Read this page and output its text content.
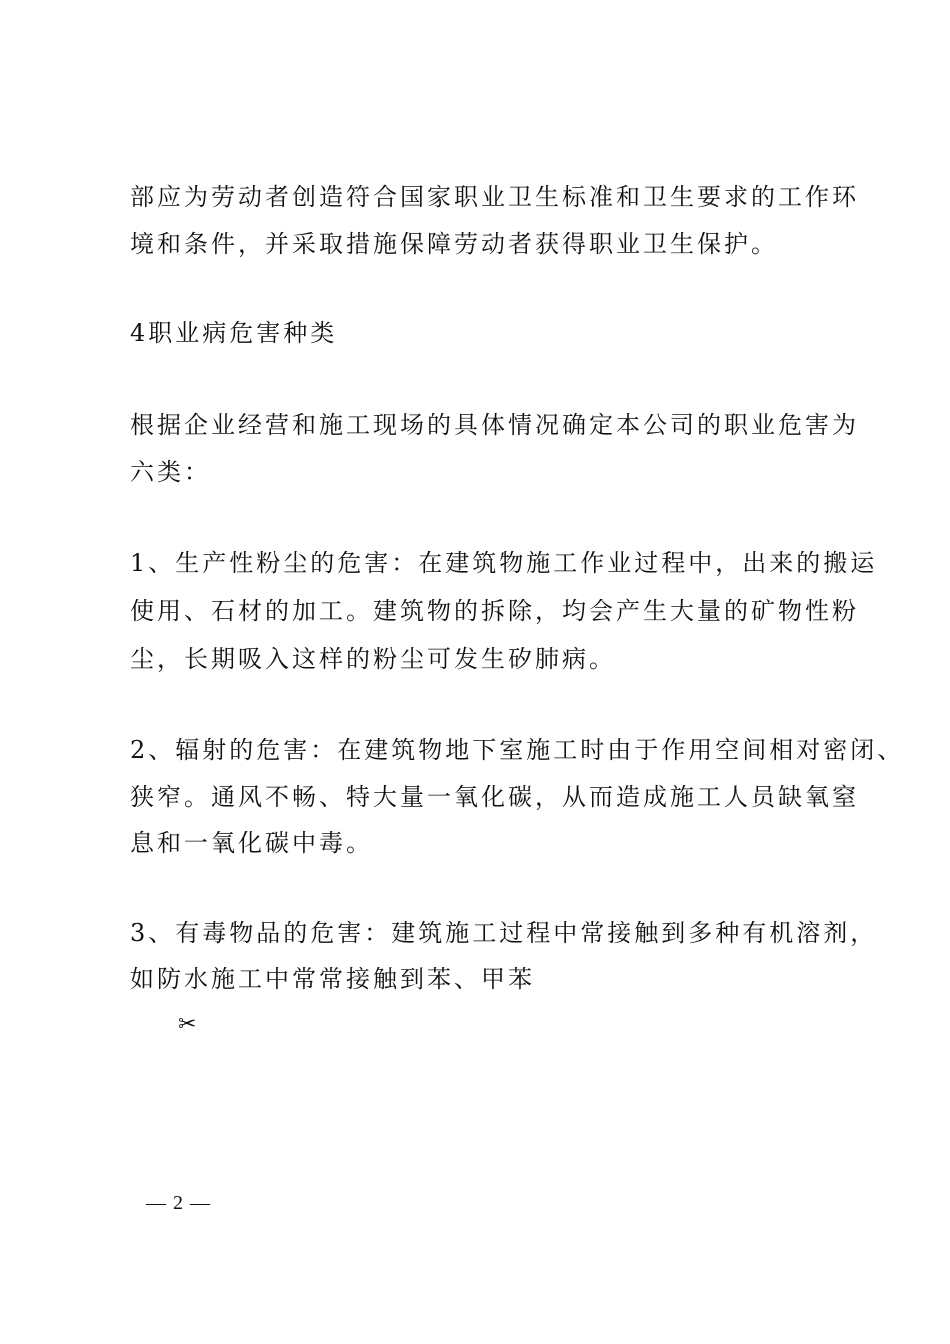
部应为劳动者创造符合国家职业卫生标准和卫生要求的工作环
境和条件，并采取措施保障劳动者获得职业卫生保护。
4职业病危害种类
根据企业经营和施工现场的具体情况确定本公司的职业危害为
六类：
1、生产性粉尘的危害：在建筑物施工作业过程中，出来的搬运
使用、石材的加工。建筑物的拆除，均会产生大量的矿物性粉
尘，长期吸入这样的粉尘可发生矽肺病。
2、辐射的危害：在建筑物地下室施工时由于作用空间相对密闭、
狭窄。通风不畅、特大量一氧化碳，从而造成施工人员缺氧窒
息和一氧化碳中毒。
3、有毒物品的危害：建筑施工过程中常接触到多种有机溶剂，
如防水施工中常常接触到苯、甲苯
✂
— 2 —
